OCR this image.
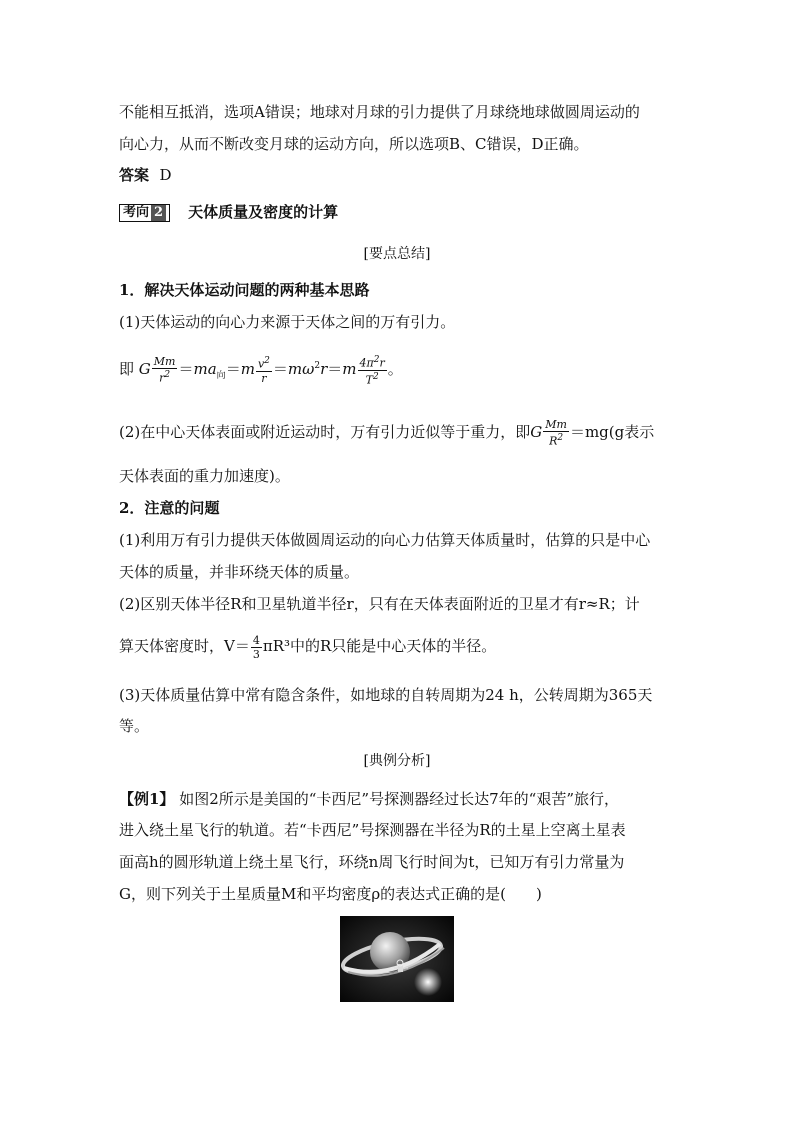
不能相互抵消，选项A错误；地球对月球的引力提供了月球绕地球做圆周运动的
向心力，从而不断改变月球的运动方向，所以选项B、C错误，D正确。
答案 D
考向 2 天体质量及密度的计算
[要点总结]
1．解决天体运动问题的两种基本思路
(1)天体运动的向心力来源于天体之间的万有引力。
即 G $\frac{Mm}{r^2} =ma_向=m \frac{v^2}{r} =m\omega^2r=m \frac{4\pi^2r}{T^2}$ 。
(2)在中心天体表面或附近运动时，万有引力近似等于重力，即G $\frac{Mm}{R^2} =mg(g$表示
天体表面的重力加速度)。
2．注意的问题
(1)利用万有引力提供天体做圆周运动的向心力估算天体质量时，估算的只是中心
天体的质量，并非环绕天体的质量。
(2)区别天体半径R和卫星轨道半径r，只有在天体表面附近的卫星才有r≈R；计
算天体密度时，$V= \frac{4}{3} \pi R^3$中的R只能是中心天体的半径。
(3)天体质量估算中常有隐含条件，如地球的自转周期为24 h，公转周期为365天
等。
[典例分析]
【例1】 如图2所示是美国的“卡西尼”号探测器经过长达7年的“艰苦”旅行，
进入绕土星飞行的轨道。若“卡西尼”号探测器在半径为R的土星上空离土星表
面高h的圆形轨道上绕土星飞行，环绕n周飞行时间为t，已知万有引力常量为
G，则下列关于土星质量M和平均密度ρ的表达式正确的是(　　)
